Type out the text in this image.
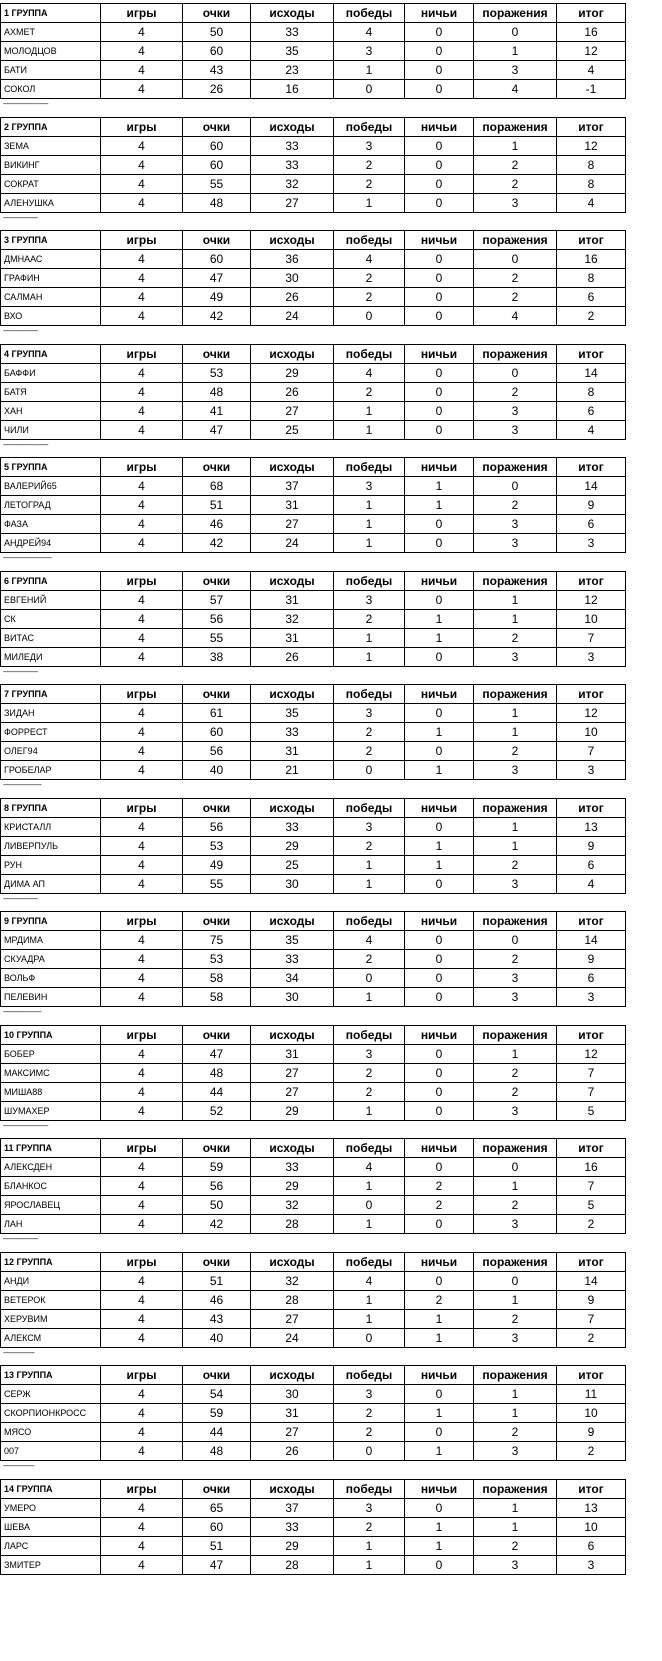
1 ГРУППА	игры	очки	исходы	победы	ничьи	поражения	итог
АХМЕТ	4	50	33	4	0	0	16
МОЛОДЦОВ	4	60	35	3	0	1	12
БАТИ	4	43	23	1	0	3	4
СОКОЛ	4	26	16	0	0	4	-1
--------------------------
2 ГРУППА	игры	очки	исходы	победы	ничьи	поражения	итог
ЗЕМА	4	60	33	3	0	1	12
ВИКИНГ	4	60	33	2	0	2	8
СОКРАТ	4	55	32	2	0	2	8
АЛЕНУШКА	4	48	27	1	0	3	4
--------------------
3 ГРУППА	игры	очки	исходы	победы	ничьи	поражения	итог
ДМНААС	4	60	36	4	0	0	16
ГРАФИН	4	47	30	2	0	2	8
САЛМАН	4	49	26	2	0	2	6
ВХО	4	42	24	0	0	4	2
--------------------
4 ГРУППА	игры	очки	исходы	победы	ничьи	поражения	итог
БАФФИ	4	53	29	4	0	0	14
БАТЯ	4	48	26	2	0	2	8
ХАН	4	41	27	1	0	3	6
ЧИЛИ	4	47	25	1	0	3	4
--------------------------
5 ГРУППА	игры	очки	исходы	победы	ничьи	поражения	итог
ВАЛЕРИЙ65	4	68	37	3	1	0	14
ЛЕТОГРАД	4	51	31	1	1	2	9
ФАЗА	4	46	27	1	0	3	6
АНДРЕЙ94	4	42	24	1	0	3	3
----------------------------
6 ГРУППА	игры	очки	исходы	победы	ничьи	поражения	итог
ЕВГЕНИЙ	4	57	31	3	0	1	12
СК	4	56	32	2	1	1	10
ВИТАС	4	55	31	1	1	2	7
МИЛЕДИ	4	38	26	1	0	3	3
--------------------
7 ГРУППА	игры	очки	исходы	победы	ничьи	поражения	итог
ЗИДАН	4	61	35	3	0	1	12
ФОРРЕСТ	4	60	33	2	1	1	10
ОЛЕГ94	4	56	31	2	0	2	7
ГРОБЕЛАР	4	40	21	0	1	3	3
----------------------
8 ГРУППА	игры	очки	исходы	победы	ничьи	поражения	итог
КРИСТАЛЛ	4	56	33	3	0	1	13
ЛИВЕРПУЛЬ	4	53	29	2	1	1	9
РУН	4	49	25	1	1	2	6
ДИМА АП	4	55	30	1	0	3	4
--------------------
9 ГРУППА	игры	очки	исходы	победы	ничьи	поражения	итог
МРДИМА	4	75	35	4	0	0	14
СКУАДРА	4	53	33	2	0	2	9
ВОЛЬФ	4	58	34	0	0	3	6
ПЕЛЕВИН	4	58	30	1	0	3	3
----------------------
10 ГРУППА	игры	очки	исходы	победы	ничьи	поражения	итог
БОБЕР	4	47	31	3	0	1	12
МАКСИМС	4	48	27	2	0	2	7
МИША88	4	44	27	2	0	2	7
ШУМАХЕР	4	52	29	1	0	3	5
--------------------------
11 ГРУППА	игры	очки	исходы	победы	ничьи	поражения	итог
АЛЕКСДЕН	4	59	33	4	0	0	16
БЛАНКОС	4	56	29	1	2	1	7
ЯРОСЛАВЕЦ	4	50	32	0	2	2	5
ЛАН	4	42	28	1	0	3	2
--------------------
12 ГРУППА	игры	очки	исходы	победы	ничьи	поражения	итог
АНДИ	4	51	32	4	0	0	14
ВЕТЕРОК	4	46	28	1	2	1	9
ХЕРУВИМ	4	43	27	1	1	2	7
АЛЕКСМ	4	40	24	0	1	3	2
------------------
13 ГРУППА	игры	очки	исходы	победы	ничьи	поражения	итог
СЕРЖ	4	54	30	3	0	1	11
СКОРПИОНКРОСС	4	59	31	2	1	1	10
МЯСО	4	44	27	2	0	2	9
007	4	48	26	0	1	3	2
------------------
14 ГРУППА	игры	очки	исходы	победы	ничьи	поражения	итог
УМЕРО	4	65	37	3	0	1	13
ШЕВА	4	60	33	2	1	1	10
ЛАРС	4	51	29	1	1	2	6
ЗМИТЕР	4	47	28	1	0	3	3
